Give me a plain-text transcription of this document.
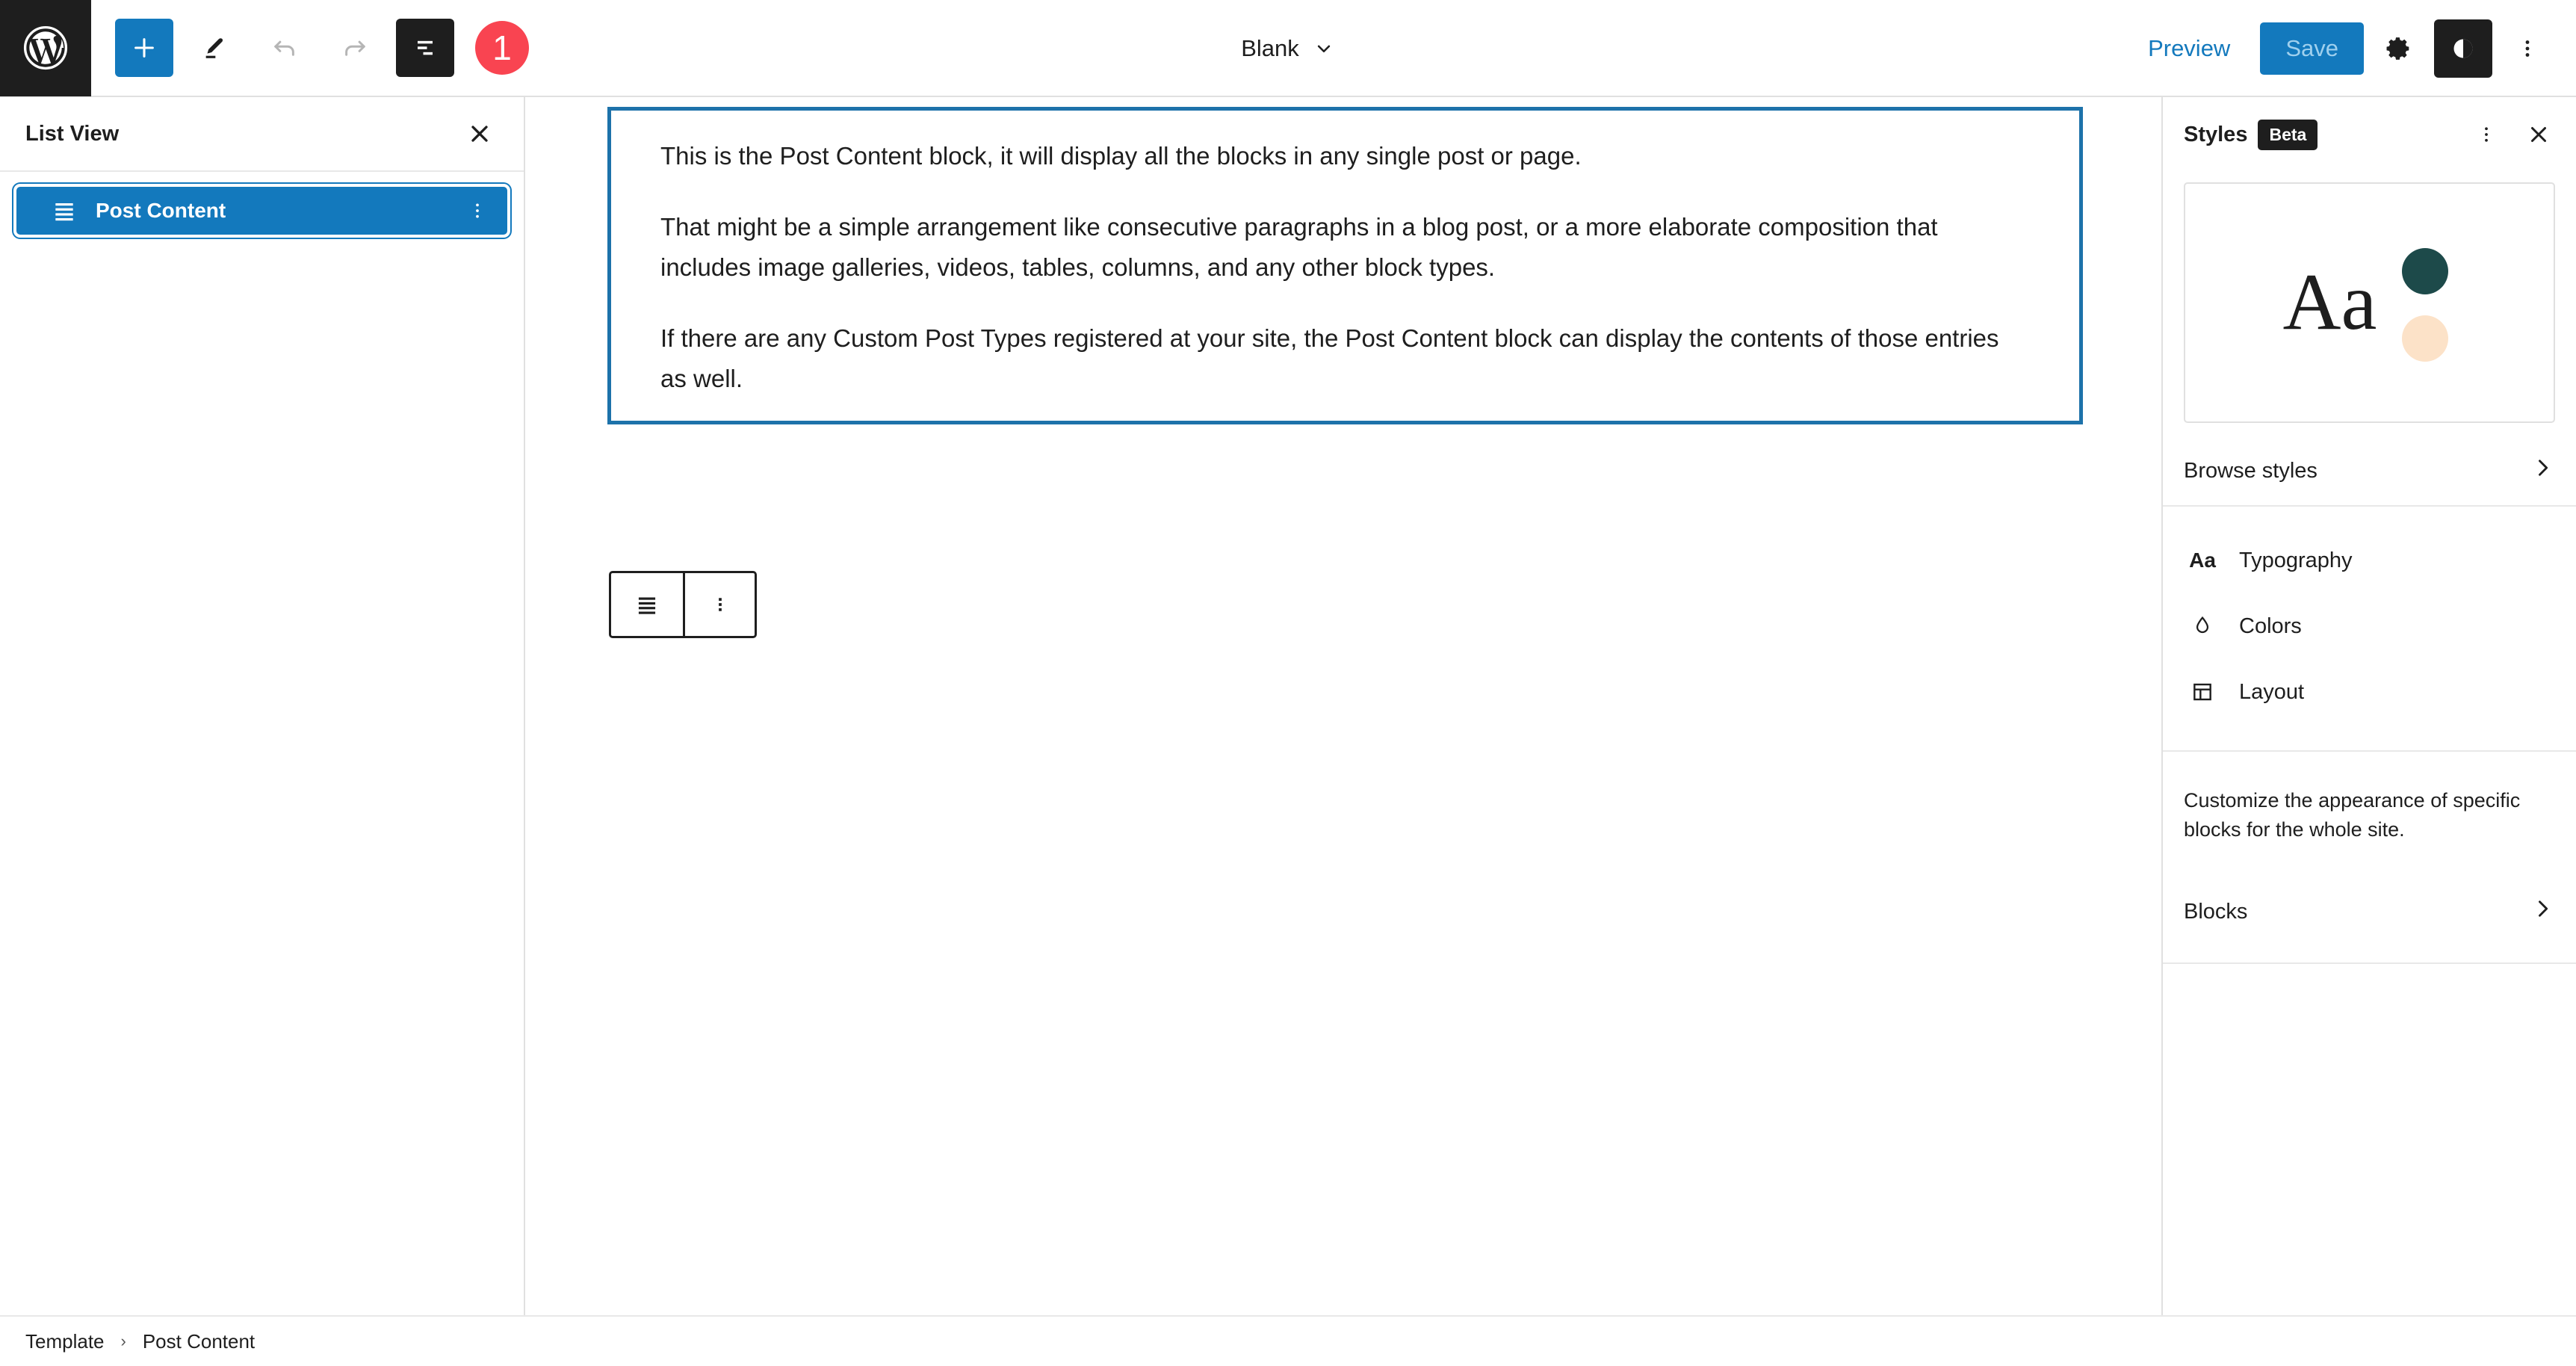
1	Blank	Preview	Save
List View
Post Content

This is the Post Content block, it will display all the blocks in any single post or page.

That might be a simple arrangement like consecutive paragraphs in a blog post, or a more elaborate composition that includes image galleries, videos, tables, columns, and any other block types.

If there are any Custom Post Types registered at your site, the Post Content block can display the contents of those entries as well.

Styles	Beta
Aa
Browse styles
Aa Typography
Colors
Layout
Customize the appearance of specific blocks for the whole site.
Blocks
Template › Post Content
